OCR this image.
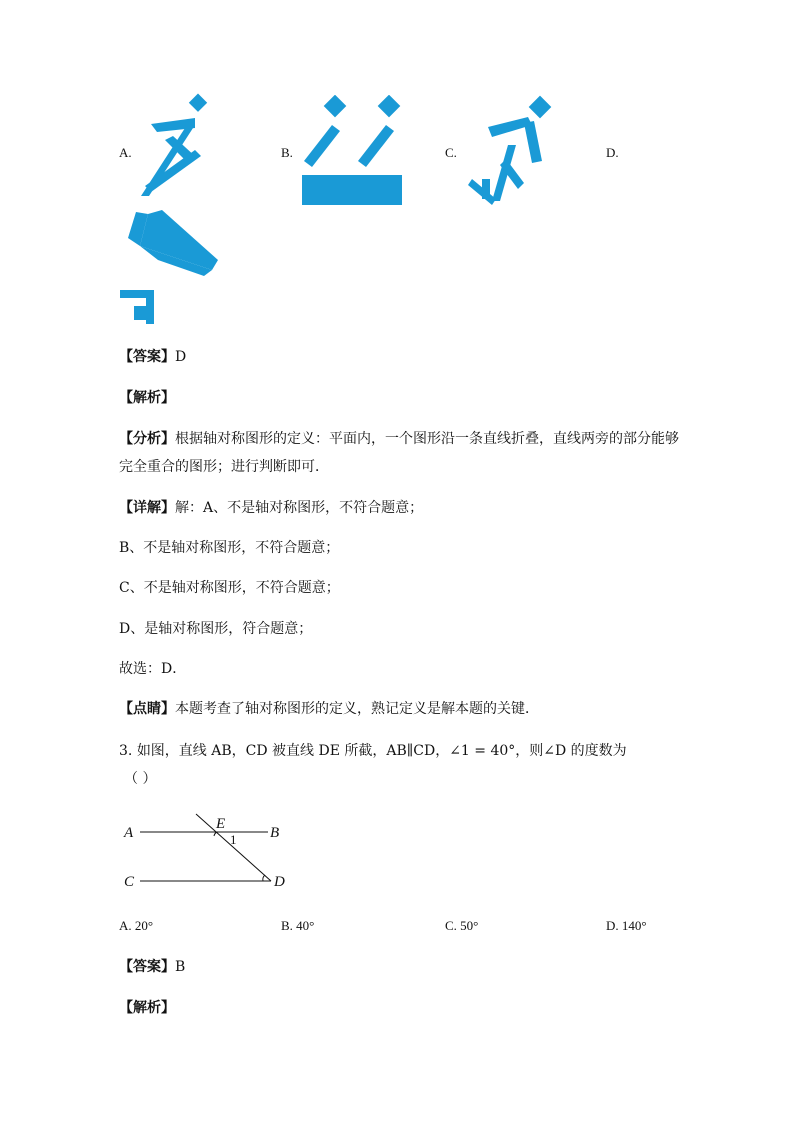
A.	B.	C.	D.
【答案】D
【解析】
【分析】根据轴对称图形的定义：平面内，一个图形沿一条直线折叠，直线两旁的部分能够
完全重合的图形；进行判断即可．
【详解】解：A、不是轴对称图形，不符合题意；
B、不是轴对称图形，不符合题意；
C、不是轴对称图形，不符合题意；
D、是轴对称图形，符合题意；
故选：D．
【点睛】本题考查了轴对称图形的定义，熟记定义是解本题的关键．
3. 如图，直线 AB，CD 被直线 DE 所截，AB∥CD，∠1 = 40°，则∠D 的度数为
（ ）
A	B
C	D
E
1
A. 20°	B. 40°	C. 50°	D. 140°
【答案】B
【解析】
